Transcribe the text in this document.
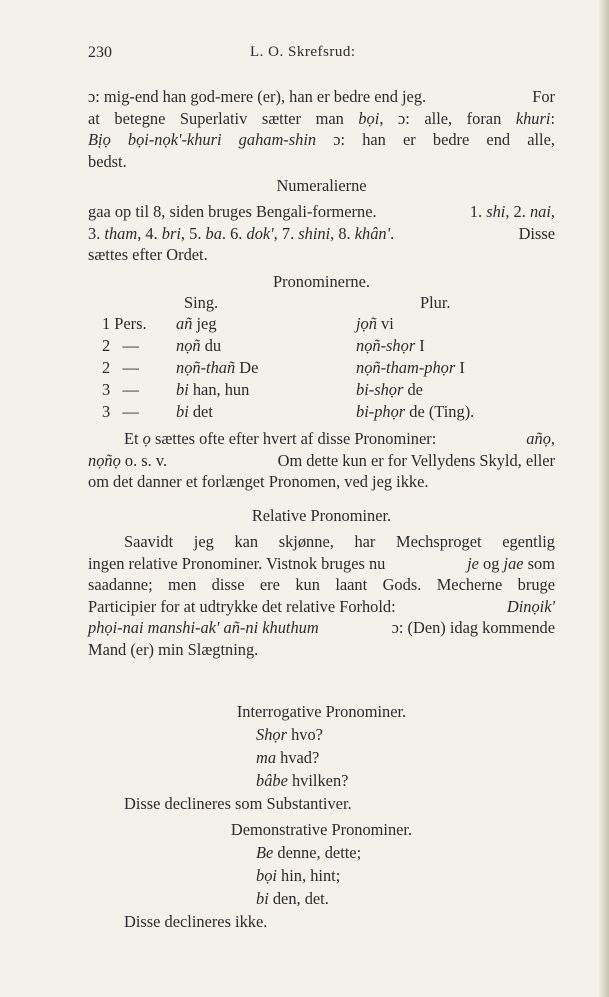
230	L. O. Skrefsrud:
ɔ: mig-end han god-mere (er), han er bedre end jeg.	For
at betegne Superlativ sætter man bọi, ɔ: alle, foran khuri:
Bịọ bọi-nọk'-khuri gaham-shin ɔ: han er bedre end alle,
bedst.
Numeralierne
gaa op til 8, siden bruges Bengali-formerne.	1. shi, 2. nai,
3. tham, 4. bri, 5. ba. 6. dok', 7. shini, 8. khân'.	Disse
sættes efter Ordet.
Pronominerne.
Sing.	Plur.
1 Pers. añ jeg	jọñ vi
2   — nọñ du	nọñ-shọr I
2   — nọñ-thañ De	nọñ-tham-phọr I
3   — bi han, hun	bi-shọr de
3   — bi det	bi-phọr de (Ting).
Et ọ sættes ofte efter hvert af disse Pronominer:	añọ,
nọñọ o. s. v.	Om dette kun er for Vellydens Skyld, eller
om det danner et forlænget Pronomen, ved jeg ikke.
Relative Pronominer.
Saavidt jeg kan skjønne, har Mechsproget egentlig
ingen relative Pronominer. Vistnok bruges nu	je og jae som
saadanne; men disse ere kun laant Gods. Mecherne bruge
Participier for at udtrykke det relative Forhold:	Dinọik'
phọi-nai manshi-ak' añ-ni khuthum	ɔ: (Den) idag kommende
Mand (er) min Slægtning.
Interrogative Pronominer.
Shọr hvo?
ma hvad?
bâbe hvilken?
Disse declineres som Substantiver.
Demonstrative Pronominer.
Be denne, dette;
bọi hin, hint;
bi den, det.
Disse declineres ikke.
